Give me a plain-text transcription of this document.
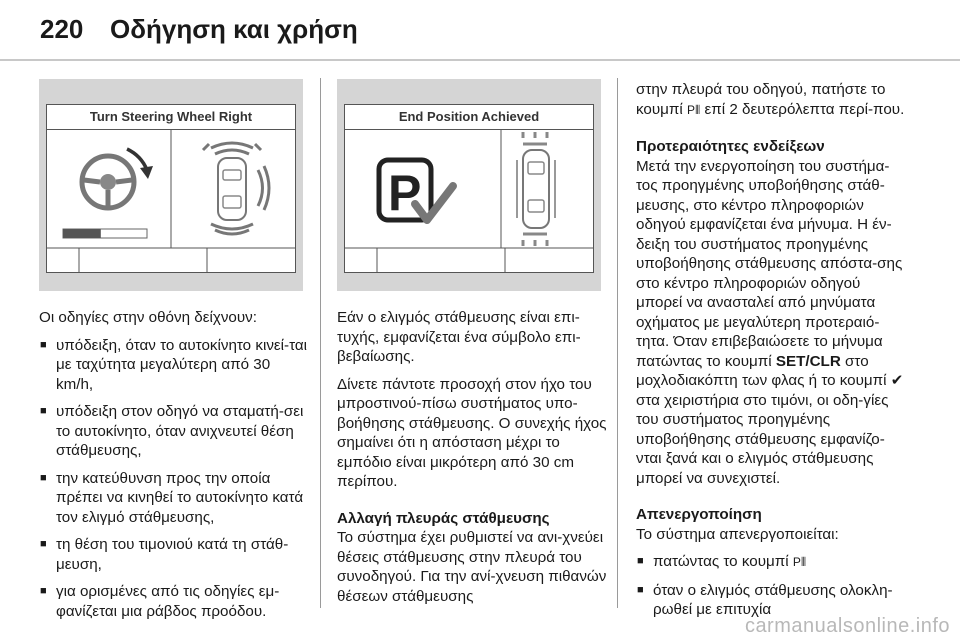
220 Οδήγηση και χρήση
Turn Steering Wheel Right	End Position Achieved
P

Οι οδηγίες στην οθόνη δείχνουν:

■ υπόδειξη, όταν το αυτοκίνητο κινεί-ται με ταχύτητα μεγαλύτερη από 30 km/h,
■ υπόδειξη στον οδηγό να σταματή-σει το αυτοκίνητο, όταν ανιχνευτεί θέση στάθμευσης,
■ την κατεύθυνση προς την οποία πρέπει να κινηθεί το αυτοκίνητο κατά τον ελιγμό στάθμευσης,
■ τη θέση του τιμονιού κατά τη στάθ-μευση,
■ για ορισμένες από τις οδηγίες εμ-φανίζεται μια ράβδος προόδου.

Εάν ο ελιγμός στάθμευσης είναι επι-τυχής, εμφανίζεται ένα σύμβολο επι-βεβαίωσης.

Δίνετε πάντοτε προσοχή στον ήχο του μπροστινού-πίσω συστήματος υπο-βοήθησης στάθμευσης. Ο συνεχής ήχος σημαίνει ότι η απόσταση μέχρι το εμπόδιο είναι μικρότερη από 30 cm περίπου.

Αλλαγή πλευράς στάθμευσης

Το σύστημα έχει ρυθμιστεί να ανι-χνεύει θέσεις στάθμευσης στην πλευρά του συνοδηγού. Για την ανί-χνευση πιθανών θέσεων στάθμευσης

στην πλευρά του οδηγού, πατήστε το κουμπί P⦀ επί 2 δευτερόλεπτα περί-που.

Προτεραιότητες ενδείξεων

Μετά την ενεργοποίηση του συστήμα-τος προηγμένης υποβοήθησης στάθ-μευσης, στο κέντρο πληροφοριών οδηγού εμφανίζεται ένα μήνυμα. Η έν-δειξη του συστήματος προηγμένης υποβοήθησης στάθμευσης απόστα-σης στο κέντρο πληροφοριών οδηγού μπορεί να ανασταλεί από μηνύματα οχήματος με μεγαλύτερη προτεραιό-τητα. Όταν επιβεβαιώσετε το μήνυμα πατώντας το κουμπί SET/CLR στο μοχλοδιακόπτη των φλας ή το κουμπί ✔ στα χειριστήρια στο τιμόνι, οι οδη-γίες του συστήματος προηγμένης υποβοήθησης στάθμευσης εμφανίζο-νται ξανά και ο ελιγμός στάθμευσης μπορεί να συνεχιστεί.

Απενεργοποίηση

Το σύστημα απενεργοποιείται:

■ πατώντας το κουμπί P⦀
■ όταν ο ελιγμός στάθμευσης ολοκλη-ρωθεί με επιτυχία
carmanualsonline.info
